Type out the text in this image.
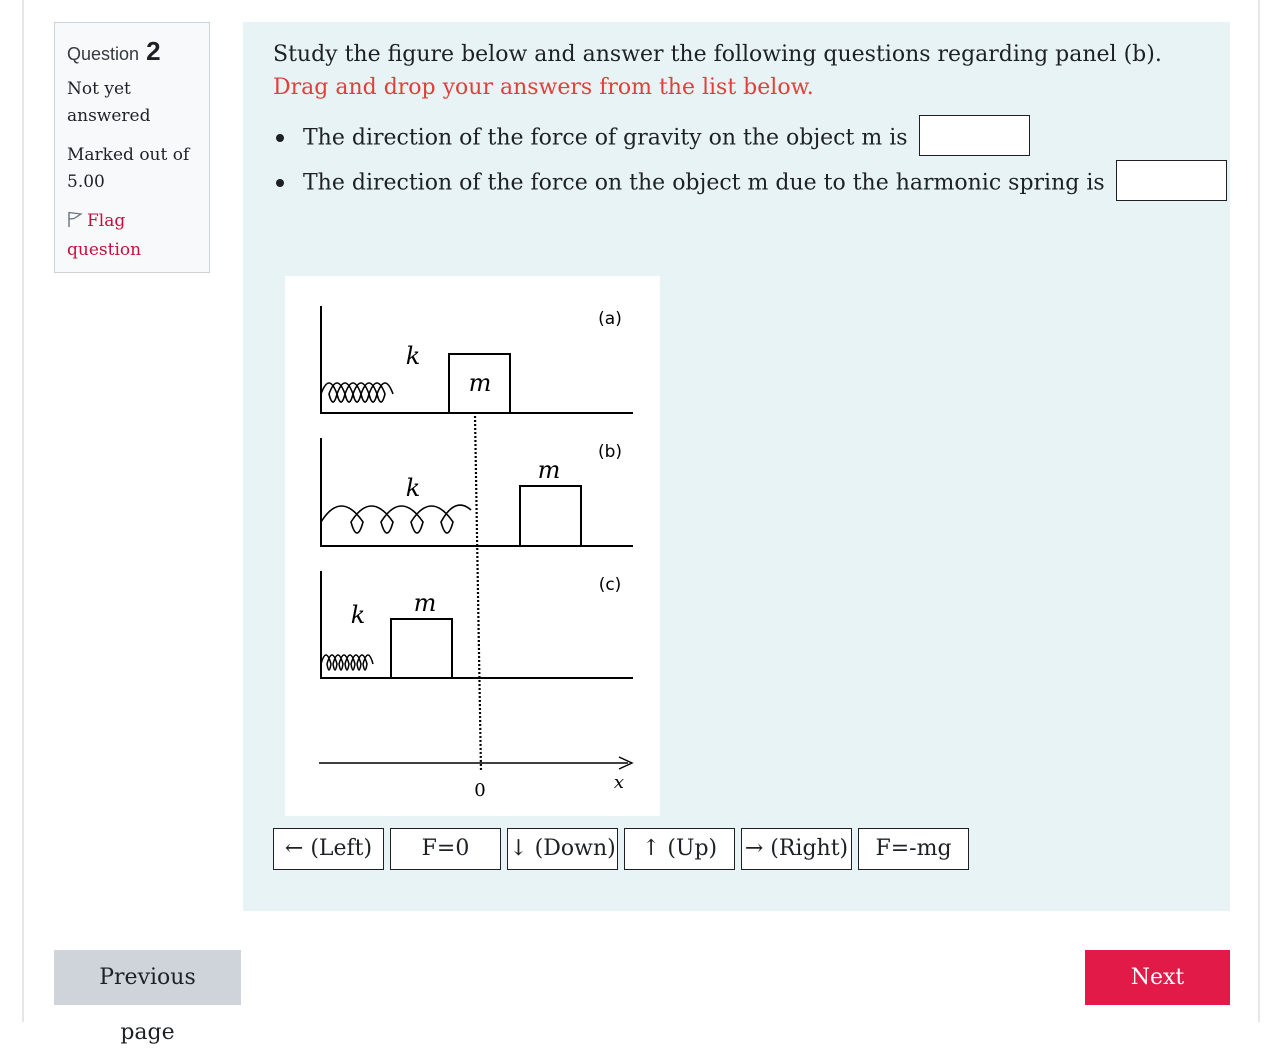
Question 2
Not yet answered
Marked out of 5.00
Flag question

Study the figure below and answer the following questions regarding panel (b). Drag and drop your answers from the list below.

The direction of the force of gravity on the object m is
The direction of the force on the object m due to the harmonic spring is
m
k
(a)
m
k
(b)
m
k
(c)
0	x
← (Left)	F=0	↓ (Down)	↑ (Up)	→ (Right)	F=-mg
Previous page
Next page
